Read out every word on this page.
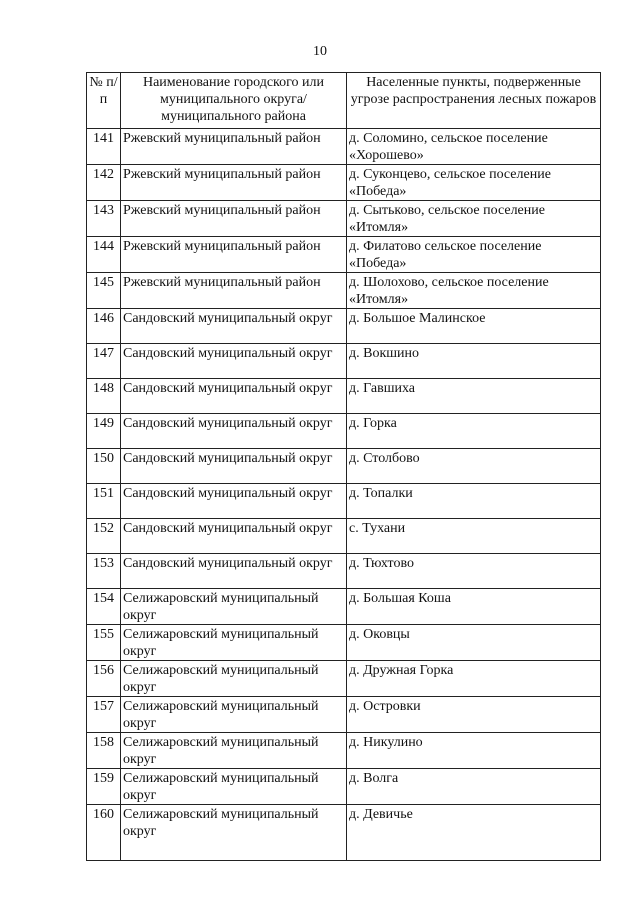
10
№ п/п	Наименование городского или муниципального округа/муниципального района	Населенные пункты, подверженные угрозе распространения лесных пожаров
141	Ржевский муниципальный район	д. Соломино, сельское поселение «Хорошево»
142	Ржевский муниципальный район	д. Суконцево, сельское поселение «Победа»
143	Ржевский муниципальный район	д. Сытьково, сельское поселение «Итомля»
144	Ржевский муниципальный район	д. Филатово сельское поселение «Победа»
145	Ржевский муниципальный район	д. Шолохово, сельское поселение «Итомля»
146	Сандовский муниципальный округ	д. Большое Малинское
147	Сандовский муниципальный округ	д. Вокшино
148	Сандовский муниципальный округ	д. Гавшиха
149	Сандовский муниципальный округ	д. Горка
150	Сандовский муниципальный округ	д. Столбово
151	Сандовский муниципальный округ	д. Топалки
152	Сандовский муниципальный округ	с. Тухани
153	Сандовский муниципальный округ	д. Тюхтово
154	Селижаровский муниципальный округ	д. Большая Коша
155	Селижаровский муниципальный округ	д. Оковцы
156	Селижаровский муниципальный округ	д. Дружная Горка
157	Селижаровский муниципальный округ	д. Островки
158	Селижаровский муниципальный округ	д. Никулино
159	Селижаровский муниципальный округ	д. Волга
160	Селижаровский муниципальный округ	д. Девичье
